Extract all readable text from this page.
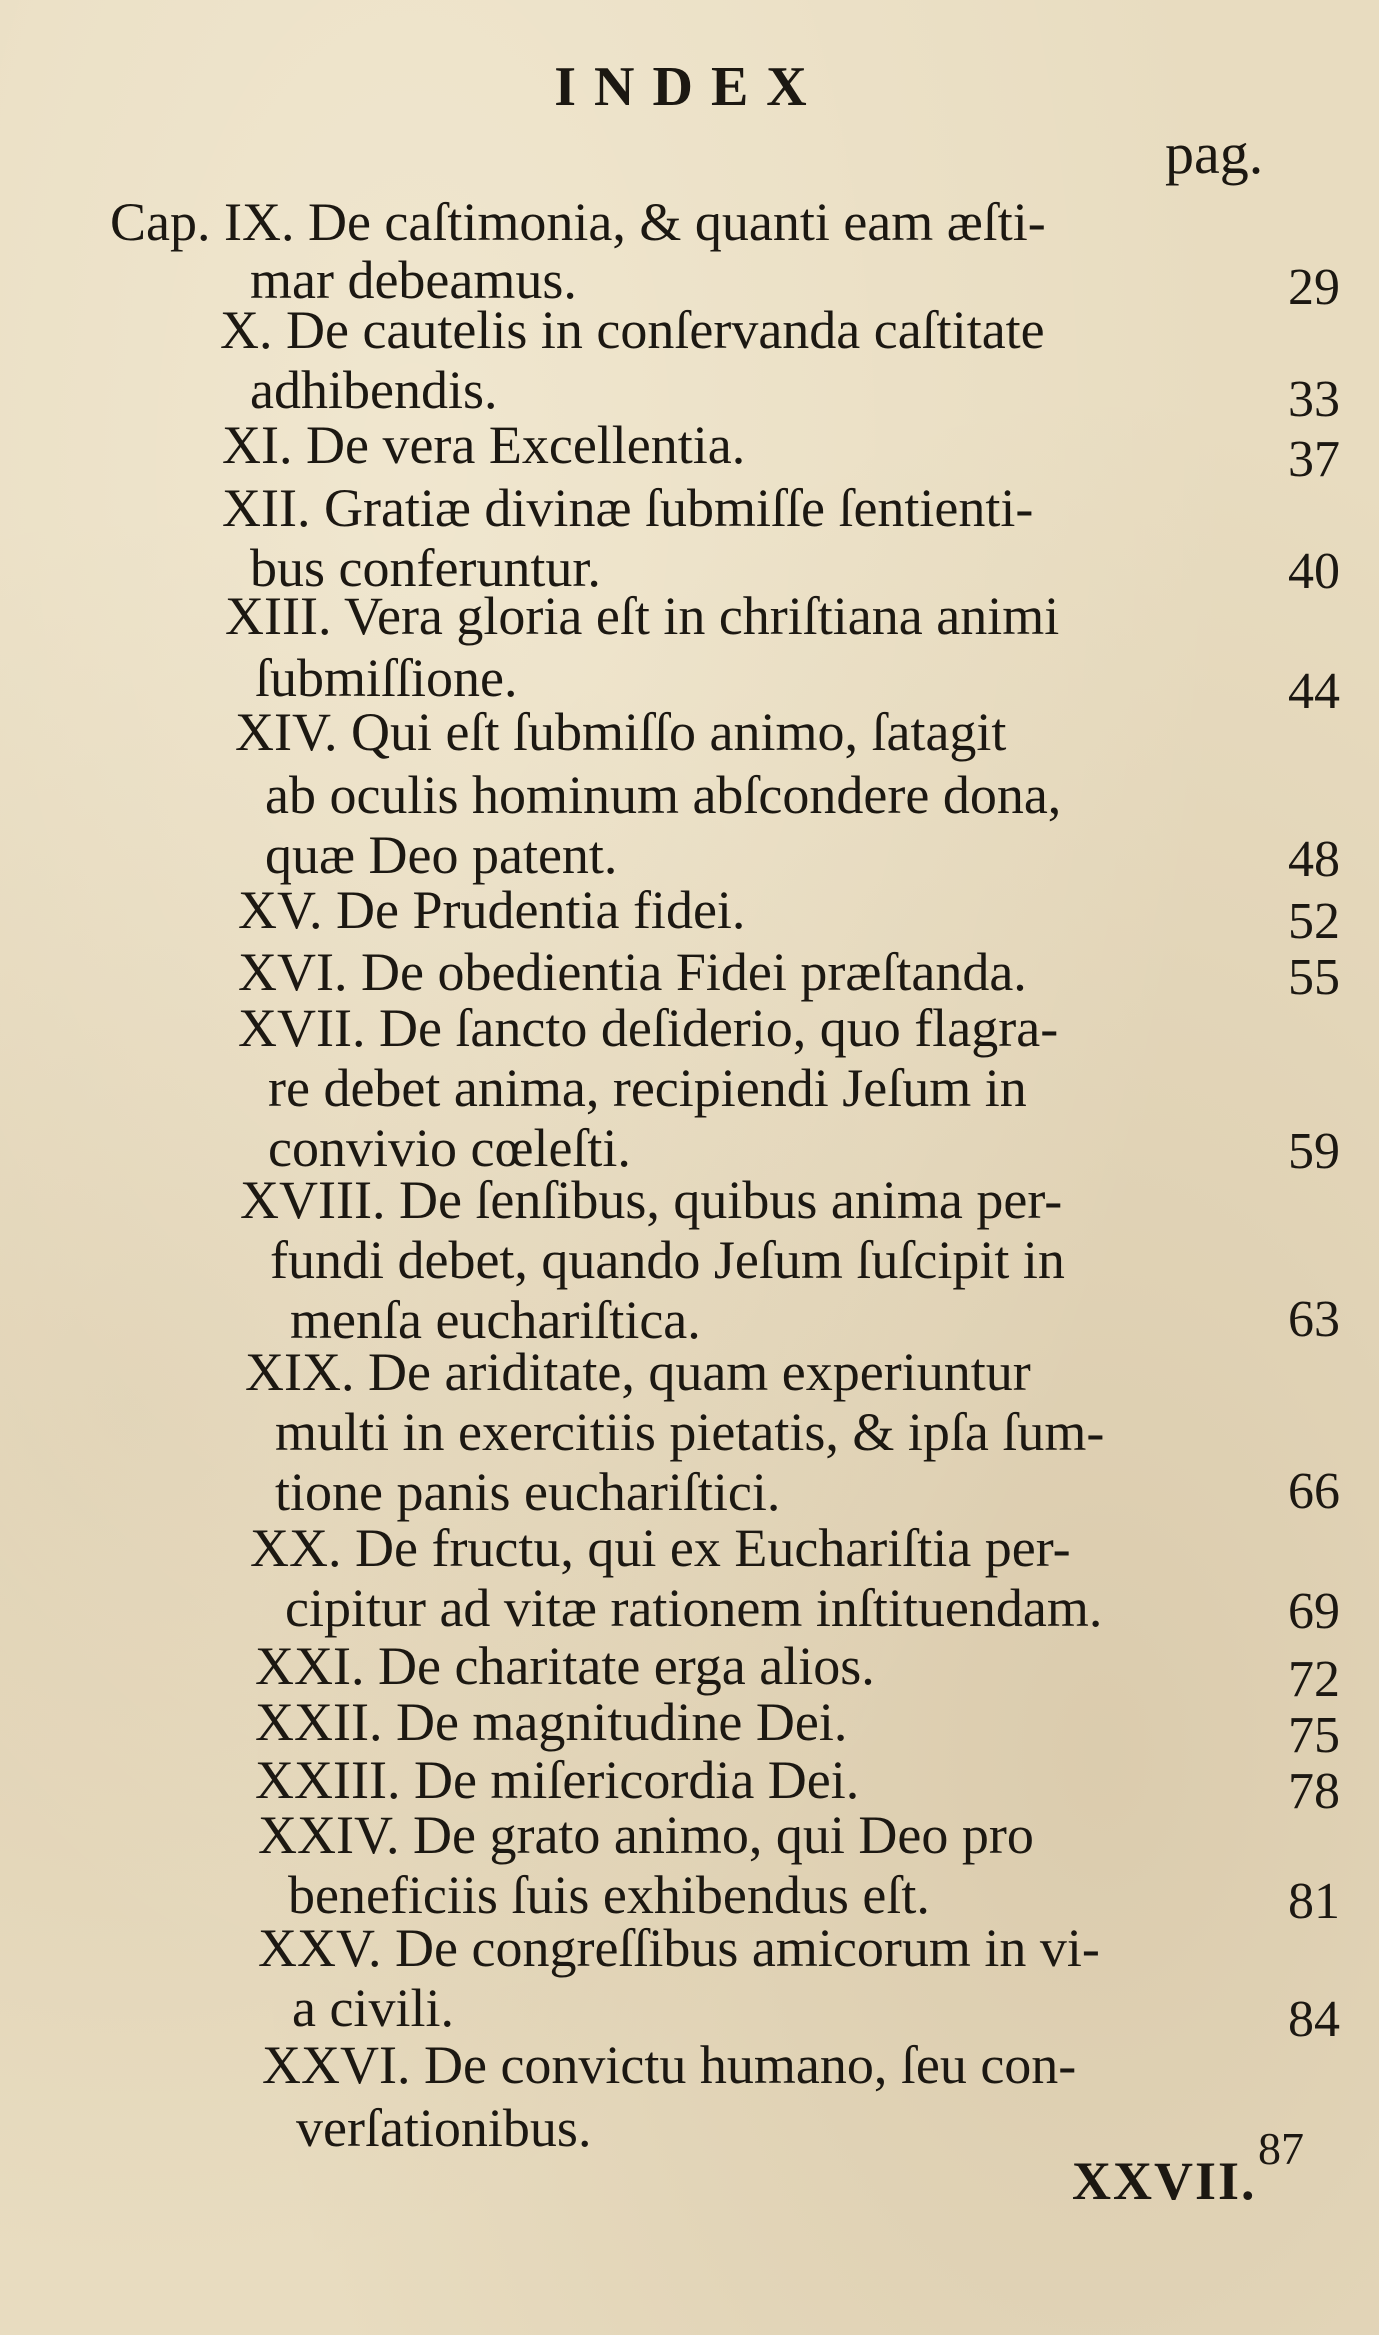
INDEX
pag.
Cap. IX. De caſtimonia, & quanti eam æſti-
mar debeamus.	29
X. De cautelis in conſervanda caſtitate
adhibendis.	33
XI. De vera Excellentia.	37
XII. Gratiæ divinæ ſubmiſſe ſentienti-
bus conferuntur.	40
XIII. Vera gloria eſt in chriſtiana animi
ſubmiſſione.	44
XIV. Qui eſt ſubmiſſo animo, ſatagit
ab oculis hominum abſcondere dona,
quæ Deo patent.	48
XV. De Prudentia fidei.	52
XVI. De obedientia Fidei præſtanda.	55
XVII. De ſancto deſiderio, quo flagra-
re debet anima, recipiendi Jeſum in
convivio cœleſti.	59
XVIII. De ſenſibus, quibus anima per-
fundi debet, quando Jeſum ſuſcipit in
menſa euchariſtica.	63
XIX. De ariditate, quam experiuntur
multi in exercitiis pietatis, & ipſa ſum-
tione panis euchariſtici.	66
XX. De fructu, qui ex Euchariſtia per-
cipitur ad vitæ rationem inſtituendam.	69
XXI. De charitate erga alios.	72
XXII. De magnitudine Dei.	75
XXIII. De miſericordia Dei.	78
XXIV. De grato animo, qui Deo pro
beneficiis ſuis exhibendus eſt.	81
XXV. De congreſſibus amicorum in vi-
a civili.	84
XXVI. De convictu humano, ſeu con-
verſationibus.	87
XXVII.
